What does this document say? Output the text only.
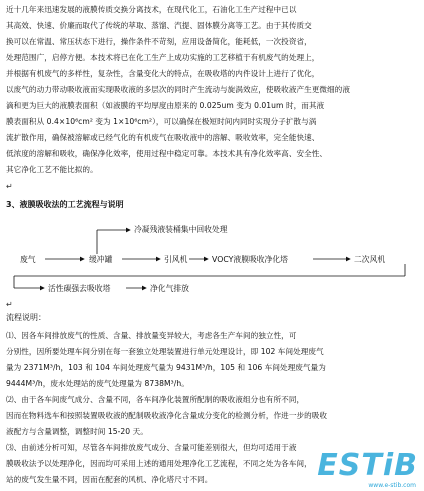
近十几年来迅速发展的液膜传质交换分离技术，在现代化工，石油化工生产过程中已以

其高效、快速、价廉而取代了传统的萃取、蒸馏、汽提、固体膜分离等工艺。由于其传质交

换可以在常温、常压状态下进行，操作条件不苛刻，应用设备简化，能耗低，一次投资省，

处理范围广，启停方便。本技术将已在化工生产上成功实施的工艺移植于有机废气的处理上，

并根据有机废气的多样性，复杂性，含量变化大的特点，在吸收塔的内件设计上进行了优化，

以废气的动力带动吸收液而实现吸收液的多层次的同时产生流动与旋涡效应，使吸收液产生更微细的液

滴和更为巨大的液膜表面积（如液膜的平均厚度由原来的 0.025um 变为 0.01um 时，而其液

膜表面积从 0.4×10⁶cm² 变为 1×10⁶cm²），可以确保在极短时间内同时实现分子扩散与涡

流扩散作用，确保被溶解或已经气化的有机废气在吸收液中的溶解、吸收效率，完全能快速、

低浓度的溶解和吸收，确保净化效率，使用过程中稳定可靠。本技术具有净化效率高、安全性、

其它净化工艺不能比拟的。

↵
3、液膜吸收法的工艺流程与说明
冷凝残液装桶集中回收处理
废气	缓冲罐	引风机	VOCY液膜吸收净化塔	二次风机
活性碳强去吸收塔	净化气排放
↵
流程说明：

⑴、因各车间排放废气的性质、含量、排放量变异较大，考虑各生产车间的独立性，可

分别性，因所要处理车间分别在每一套独立处理装置进行单元处理设计，即 102 车间处理废气

量为 2371M³/h，103 和 104 车间处理废气量为 9431M³/h，105 和 106 车间处理废气量为

9444M³/h，废水处理站的废气处理量为 8738M³/h。

⑵、由于各车间废气成分、含量不同，各车间净化装置所配制的吸收液组分也有所不同，

因而在物料选车和按照装置吸收液的配制吸收液净化含量成分变化的检测分析，作进一步的吸收

液配方与含量调整，调整时间 15-20 天。

⑶、由前述分析可知，尽管各车间排放废气成分、含量可能差别很大，但均可适用于液

膜吸收法予以处理净化，因而均可采用上述的通用处理净化工艺流程，不同之处为各车间，

站的废气发生量不同，因而在配套的风机、净化塔尺寸不同。	ESTiB
www.e-stib.com
